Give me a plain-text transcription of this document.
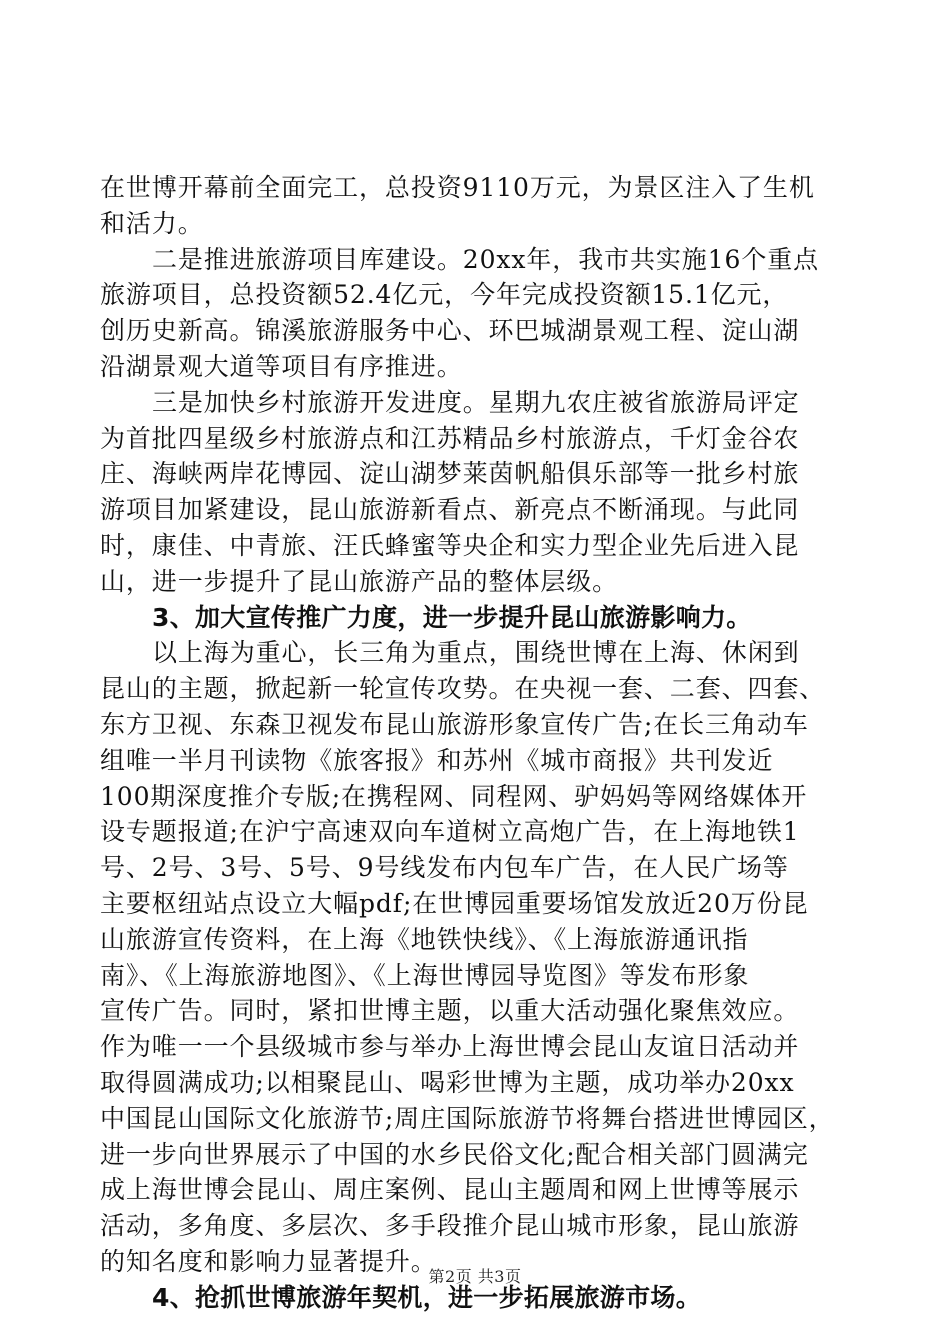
在世博开幕前全面完工，总投资9110万元，为景区注入了生机
和活力。
二是推进旅游项目库建设。20xx年，我市共实施16个重点
旅游项目，总投资额52.4亿元，今年完成投资额15.1亿元，
创历史新高。锦溪旅游服务中心、环巴城湖景观工程、淀山湖
沿湖景观大道等项目有序推进。
三是加快乡村旅游开发进度。星期九农庄被省旅游局评定
为首批四星级乡村旅游点和江苏精品乡村旅游点，千灯金谷农
庄、海峡两岸花博园、淀山湖梦莱茵帆船俱乐部等一批乡村旅
游项目加紧建设，昆山旅游新看点、新亮点不断涌现。与此同
时，康佳、中青旅、汪氏蜂蜜等央企和实力型企业先后进入昆
山，进一步提升了昆山旅游产品的整体层级。
3、加大宣传推广力度，进一步提升昆山旅游影响力。
以上海为重心，长三角为重点，围绕世博在上海、休闲到
昆山的主题，掀起新一轮宣传攻势。在央视一套、二套、四套、
东方卫视、东森卫视发布昆山旅游形象宣传广告;在长三角动车
组唯一半月刊读物《旅客报》和苏州《城市商报》共刊发近
100期深度推介专版;在携程网、同程网、驴妈妈等网络媒体开
设专题报道;在沪宁高速双向车道树立高炮广告，在上海地铁1
号、2号、3号、5号、9号线发布内包车广告，在人民广场等
主要枢纽站点设立大幅pdf;在世博园重要场馆发放近20万份昆
山旅游宣传资料，在上海《地铁快线》、《上海旅游通讯指
南》、《上海旅游地图》、《上海世博园导览图》等发布形象
宣传广告。同时，紧扣世博主题，以重大活动强化聚焦效应。
作为唯一一个县级城市参与举办上海世博会昆山友谊日活动并
取得圆满成功;以相聚昆山、喝彩世博为主题，成功举办20xx
中国昆山国际文化旅游节;周庄国际旅游节将舞台搭进世博园区，
进一步向世界展示了中国的水乡民俗文化;配合相关部门圆满完
成上海世博会昆山、周庄案例、昆山主题周和网上世博等展示
活动，多角度、多层次、多手段推介昆山城市形象，昆山旅游
的知名度和影响力显著提升。
4、抢抓世博旅游年契机，进一步拓展旅游市场。
第2页 共3页
